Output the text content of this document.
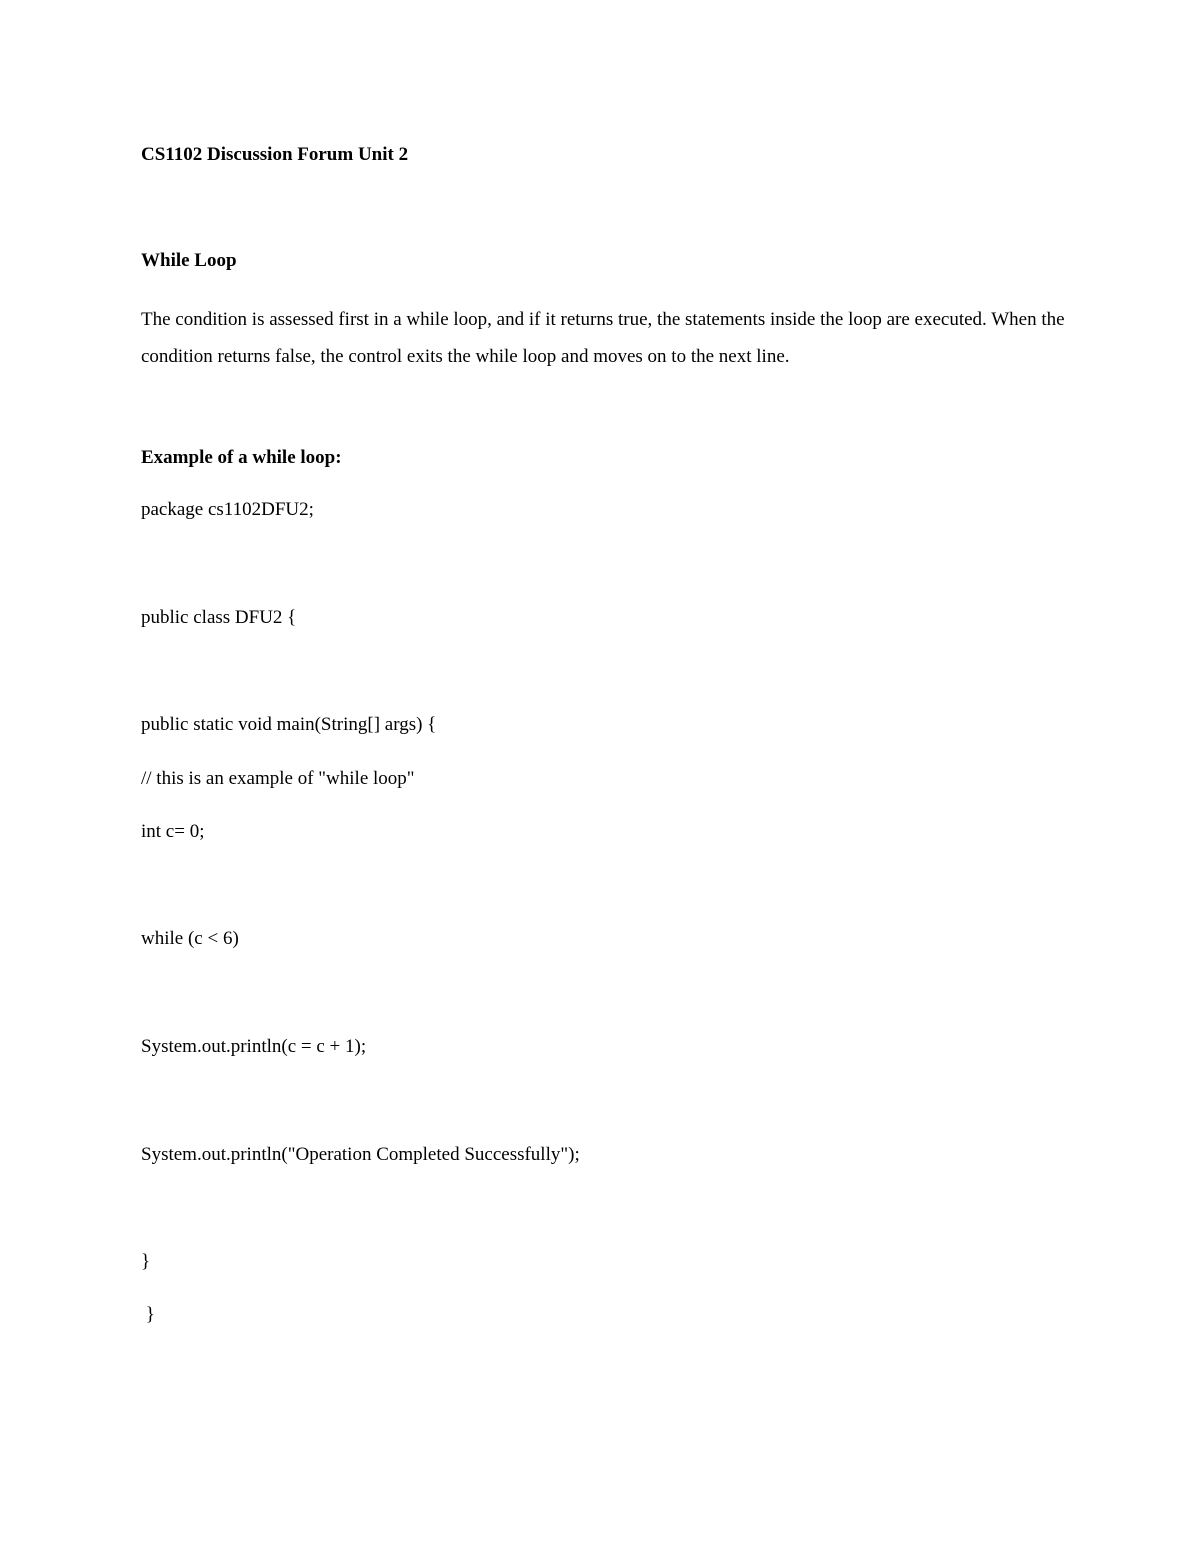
CS1102 Discussion Forum Unit 2

While Loop

The condition is assessed first in a while loop, and if it returns true, the statements inside the loop are executed. When the condition returns false, the control exits the while loop and moves on to the next line.

Example of a while loop:

package cs1102DFU2;

public class DFU2 {

public static void main(String[] args) {

// this is an example of "while loop"

int c= 0;

while (c < 6)

System.out.println(c = c + 1);

System.out.println("Operation Completed Successfully");

}

}
